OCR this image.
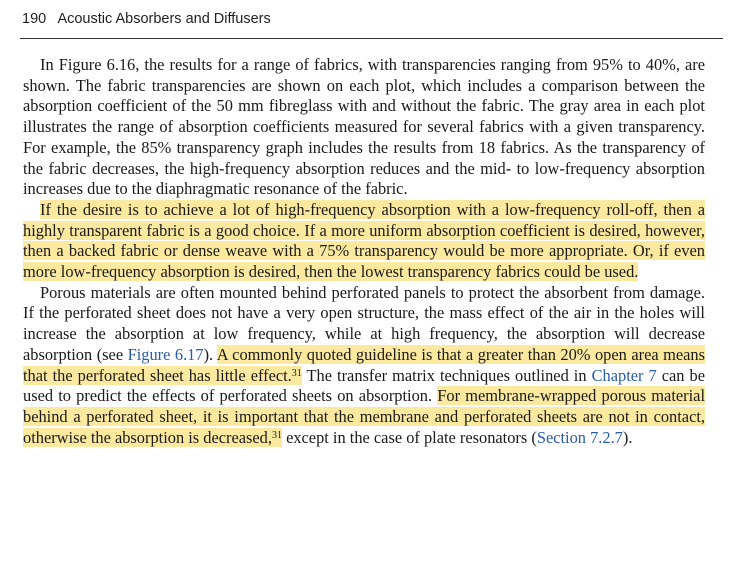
190 Acoustic Absorbers and Diffusers

In Figure 6.16, the results for a range of fabrics, with transparencies ranging from 95% to 40%, are shown. The fabric transparencies are shown on each plot, which includes a comparison between the absorption coefficient of the 50 mm fibreglass with and without the fabric. The gray area in each plot illustrates the range of absorption coefficients measured for several fabrics with a given transparency. For example, the 85% transparency graph includes the results from 18 fabrics. As the transparency of the fabric decreases, the high-frequency absorption reduces and the mid- to low-frequency absorption increases due to the diaphragmatic resonance of the fabric.

If the desire is to achieve a lot of high-frequency absorption with a low-frequency roll-off, then a highly transparent fabric is a good choice. If a more uniform absorption coefficient is desired, however, then a backed fabric or dense weave with a 75% transparency would be more appropriate. Or, if even more low-frequency absorption is desired, then the lowest transparency fabrics could be used.

Porous materials are often mounted behind perforated panels to protect the absorbent from damage. If the perforated sheet does not have a very open structure, the mass effect of the air in the holes will increase the absorption at low frequency, while at high frequency, the absorption will decrease absorption (see Figure 6.17). A commonly quoted guideline is that a greater than 20% open area means that the perforated sheet has little effect.$^{31}$ The transfer matrix techniques outlined in Chapter 7 can be used to predict the effects of perforated sheets on absorption. For membrane-wrapped porous material behind a perforated sheet, it is important that the membrane and perforated sheets are not in contact, otherwise the absorption is decreased,$^{31}$ except in the case of plate resonators (Section 7.2.7).
